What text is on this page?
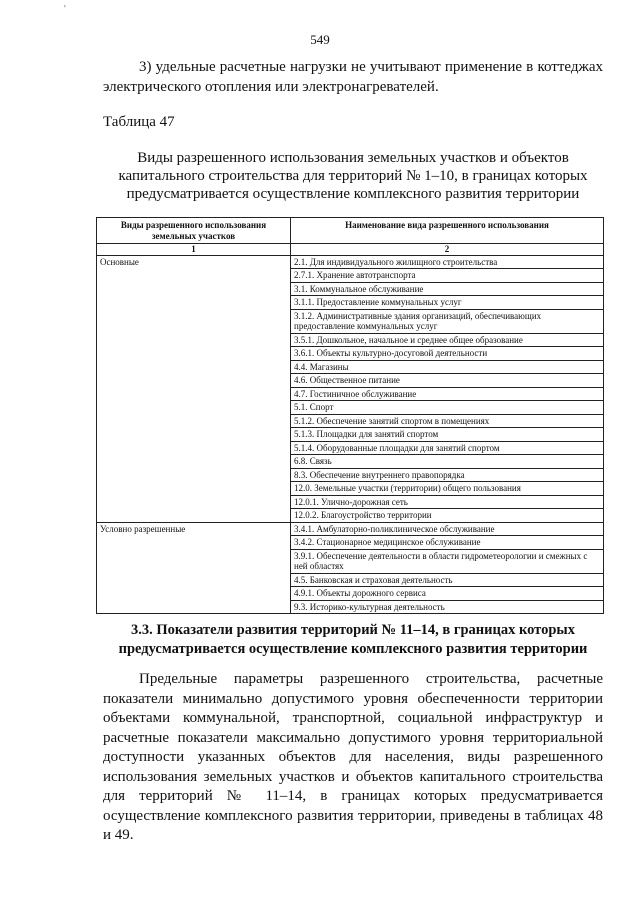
'
549

3) удельные расчетные нагрузки не учитывают применение в коттеджах электрического отопления или электронагревателей.

Таблица 47

Виды разрешенного использования земельных участков и объектов капитального строительства для территорий № 1–10, в границах которых предусматривается осуществление комплексного развития территории

Виды разрешенного использования земельных участков	Наименование вида разрешенного использования
1	2
Основные	2.1. Для индивидуального жилищного строительства
	2.7.1. Хранение автотранспорта
	3.1. Коммунальное обслуживание
	3.1.1. Предоставление коммунальных услуг
	3.1.2. Административные здания организаций, обеспечивающих предоставление коммунальных услуг
	3.5.1. Дошкольное, начальное и среднее общее образование
	3.6.1. Объекты культурно-досуговой деятельности
	4.4. Магазины
	4.6. Общественное питание
	4.7. Гостиничное обслуживание
	5.1. Спорт
	5.1.2. Обеспечение занятий спортом в помещениях
	5.1.3. Площадки для занятий спортом
	5.1.4. Оборудованные площадки для занятий спортом
	6.8. Связь
	8.3. Обеспечение внутреннего правопорядка
	12.0. Земельные участки (территории) общего пользования
	12.0.1. Улично-дорожная сеть
	12.0.2. Благоустройство территории
Условно разрешенные	3.4.1. Амбулаторно-поликлиническое обслуживание
	3.4.2. Стационарное медицинское обслуживание
	3.9.1. Обеспечение деятельности в области гидрометеорологии и смежных с ней областях
	4.5. Банковская и страховая деятельность
	4.9.1. Объекты дорожного сервиса
	9.3. Историко-культурная деятельность

3.3. Показатели развития территорий № 11–14, в границах которых предусматривается осуществление комплексного развития территории

Предельные параметры разрешенного строительства, расчетные показатели минимально допустимого уровня обеспеченности территории объектами коммунальной, транспортной, социальной инфраструктур и расчетные показатели максимально допустимого уровня территориальной доступности указанных объектов для населения, виды разрешенного использования земельных участков и объектов капитального строительства для территорий № 11–14, в границах которых предусматривается осуществление комплексного развития территории, приведены в таблицах 48 и 49.
